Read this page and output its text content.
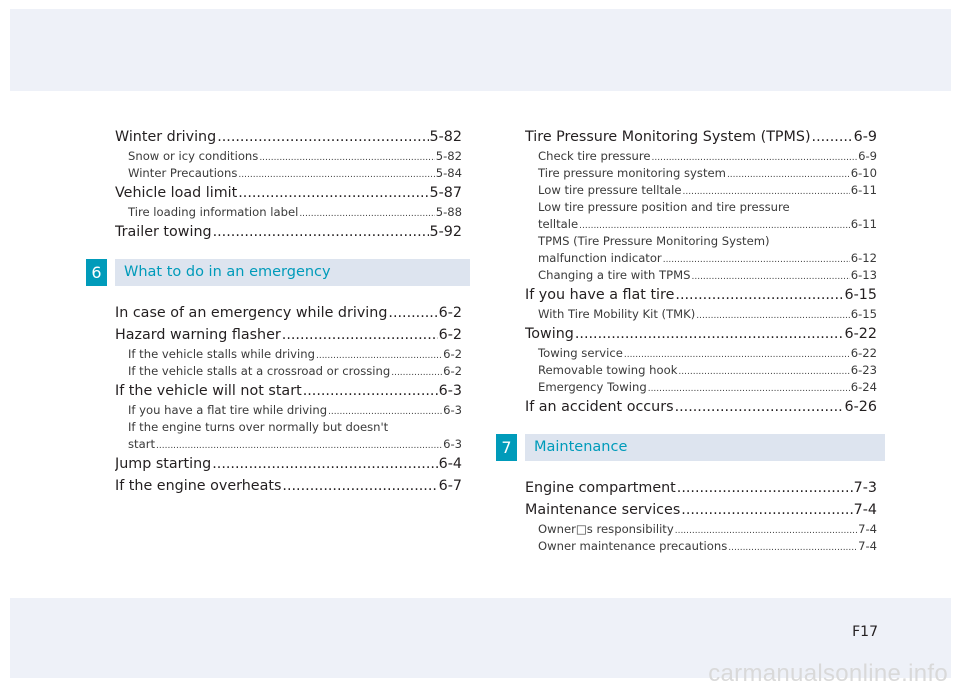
Winter driving .....	5-82
Snow or icy conditions .....	5-82
Winter Precautions .....	5-84
Vehicle load limit .....	5-87
Tire loading information label .....	5-88
Trailer towing .....	5-92
6	What to do in an emergency
In case of an emergency while driving .....	6-2
Hazard warning flasher .....	6-2
If the vehicle stalls while driving .....	6-2
If the vehicle stalls at a crossroad or crossing .....	6-2
If the vehicle will not start .....	6-3
If you have a flat tire while driving .....	6-3
If the engine turns over normally but doesn't
start .....	6-3
Jump starting .....	6-4
If the engine overheats .....	6-7
Tire Pressure Monitoring System (TPMS) .....	6-9
Check tire pressure .....	6-9
Tire pressure monitoring system .....	6-10
Low tire pressure telltale .....	6-11
Low tire pressure position and tire pressure
telltale .....	6-11
TPMS (Tire Pressure Monitoring System)
malfunction indicator .....	6-12
Changing a tire with TPMS .....	6-13
If you have a flat tire .....	6-15
With Tire Mobility Kit (TMK) .....	6-15
Towing .....	6-22
Towing service .....	6-22
Removable towing hook .....	6-23
Emergency Towing .....	6-24
If an accident occurs .....	6-26
7	Maintenance
Engine compartment .....	7-3
Maintenance services .....	7-4
Owner□s responsibility .....	7-4
Owner maintenance precautions .....	7-4
F17
carmanualsonline.info
